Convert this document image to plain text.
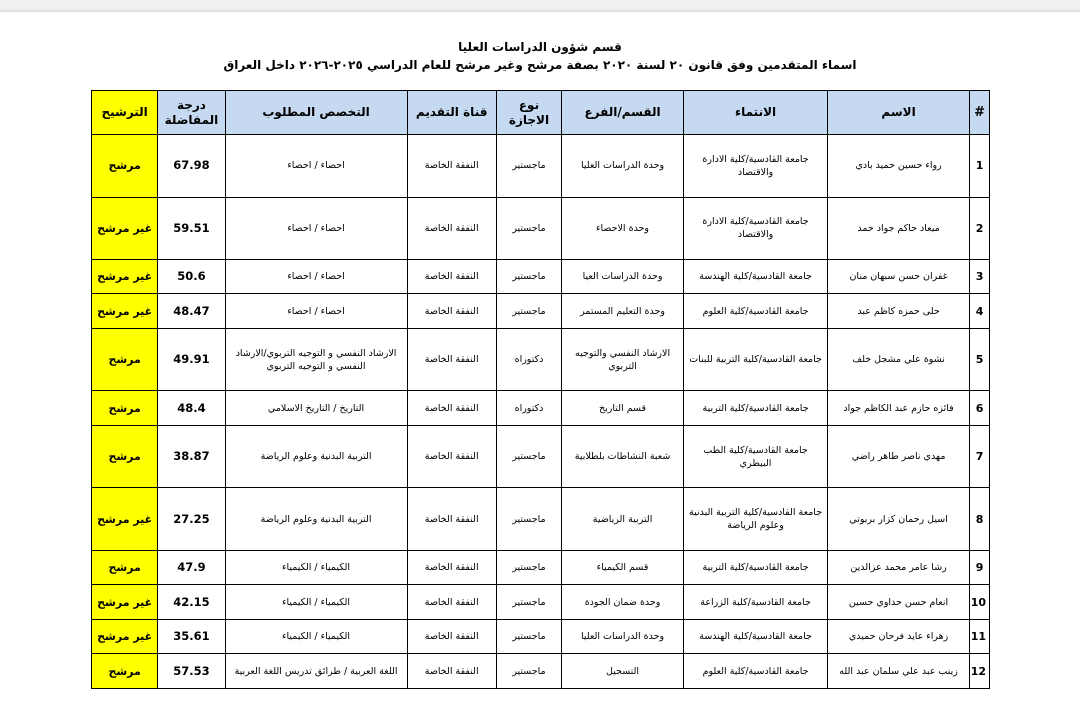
قسم شؤون الدراسات العليا
اسماء المتقدمين وفق قانون ٢٠ لسنة ٢٠٢٠ بصفة مرشح وغير مرشح للعام الدراسي ٢٠٢٥-٢٠٢٦ داخل العراق
#	الاسم	الانتماء	القسم/الفرع	نوع الاجازة	قناة التقديم	التخصص المطلوب	درجة المفاضلة	الترشيح
1	رواء حسين حميد بادي	جامعة القادسية/كلية الادارة والاقتصاد	وحدة الدراسات العليا	ماجستير	النفقة الخاصة	احصاء / احصاء	67.98	مرشح
2	ميعاد حاكم جواد حمد	جامعة القادسية/كلية الادارة والاقتصاد	وحدة الاحصاء	ماجستير	النفقة الخاصة	احصاء / احصاء	59.51	غير مرشح
3	غفران حسن سبهان منان	جامعة القادسية/كلية الهندسة	وحدة الدراسات العيا	ماجستير	النفقة الخاصة	احصاء / احصاء	50.6	غير مرشح
4	حلى حمزه كاظم عبد	جامعة القادسية/كلية العلوم	وحدة التعليم المستمر	ماجستير	النفقة الخاصة	احصاء / احصاء	48.47	غير مرشح
5	نشوة علي مشجل خلف	جامعة القادسية/كلية التربية للبنات	الارشاد النفسي والتوجيه التربوي	دكتوراه	النفقة الخاصة	الارشاد النفسي و التوجيه التربوي/الارشاد النفسي و التوجيه التربوي	49.91	مرشح
6	فائزه حازم عبد الكاظم جواد	جامعة القادسية/كلية التربية	قسم التاريخ	دكتوراه	النفقة الخاصة	التاريخ / التاريخ الاسلامي	48.4	مرشح
7	مهدي ناصر طاهر راضي	جامعة القادسية/كلية الطب البيطري	شعبة النشاطات بلطلابية	ماجستير	النفقة الخاصة	التربية البدنية وعلوم الرياضة	38.87	مرشح
8	اسيل رحمان كزار بربوتي	جامعة القادسية/كلية التربية البدنية وعلوم الرياضة	التربية الرياضية	ماجستير	النفقة الخاصة	التربية البدنية وعلوم الرياضة	27.25	غير مرشح
9	رشا عامر محمد عزالدين	جامعة القادسية/كلية التربية	قسم الكيمياء	ماجستير	النفقة الخاصة	الكيمياء / الكيمياء	47.9	مرشح
10	انعام حسن حداوي حسين	جامعة القادسية/كلية الزراعة	وحدة ضمان الجودة	ماجستير	النفقة الخاصة	الكيمياء / الكيمياء	42.15	غير مرشح
11	زهراء عايد فرحان حميدي	جامعة القادسية/كلية الهندسة	وحدة الدراسات العليا	ماجستير	النفقة الخاصة	الكيمياء / الكيمياء	35.61	غير مرشح
12	زينب عبد علي سلمان عبد الله	جامعة القادسية/كلية العلوم	التسجيل	ماجستير	النفقة الخاصة	اللغة العربية / طرائق تدريس اللغة العربية	57.53	مرشح
